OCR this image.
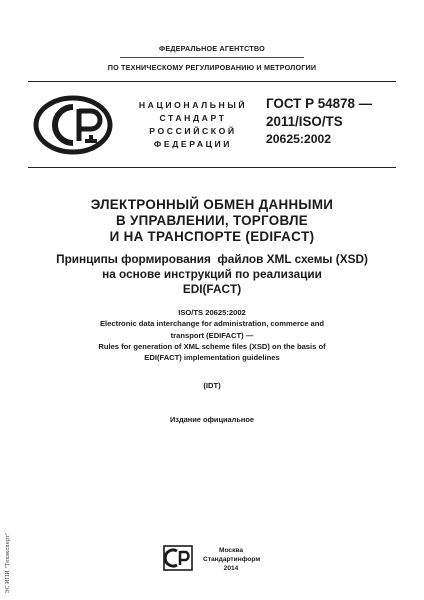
ФЕДЕРАЛЬНОЕ АГЕНТСТВО
ПО ТЕХНИЧЕСКОМУ РЕГУЛИРОВАНИЮ И МЕТРОЛОГИИ
НАЦИОНАЛЬНЫЙ
СТАНДАРТ
РОССИЙСКОЙ
ФЕДЕРАЦИИ
ГОСТ Р 54878 —
2011/ISO/TS
20625:2002
ЭЛЕКТРОННЫЙ ОБМЕН ДАННЫМИ
В УПРАВЛЕНИИ, ТОРГОВЛЕ
И НА ТРАНСПОРТЕ (EDIFACT)
Принципы формирования  файлов XML схемы (XSD)
на основе инструкций по реализации
EDI(FACT)
ISO/TS 20625:2002
Electronic data interchange for administration, commerce and
transport (EDIFACT) —
Rules for generation of XML scheme files (XSD) on the basis of
EDI(FACT) implementation guidelines
(IDT)
Издание официальное
Москва
Стандартинформ
2014
ЭС ИПИ "Техэксперт"
